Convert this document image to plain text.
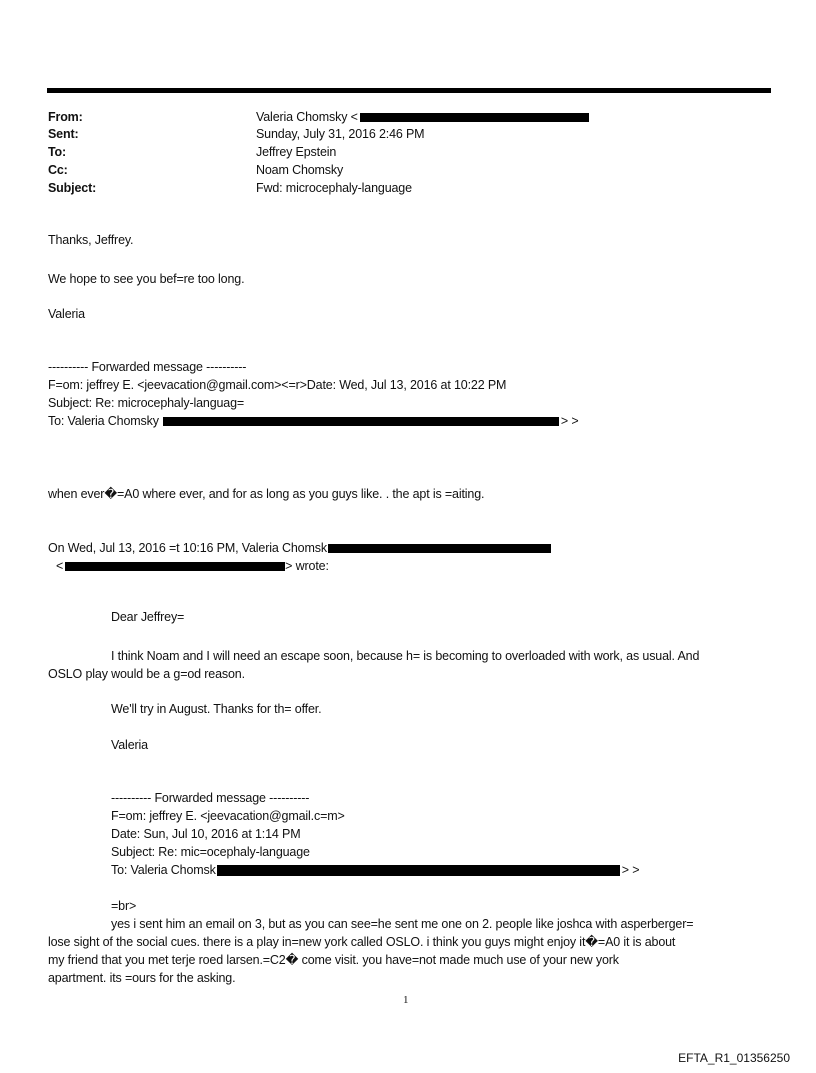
From:	Valeria Chomsky <
Sent:	Sunday, July 31, 2016 2:46 PM
To:	Jeffrey Epstein
Cc:	Noam Chomsky
Subject:	Fwd: microcephaly-language
Thanks, Jeffrey.
We hope to see you bef=re too long.
Valeria
---------- Forwarded message ----------
F=om: jeffrey E. <jeevacation@gmail.com><=r>Date: Wed, Jul 13, 2016 at 10:22 PM
Subject: Re: microcephaly-languag=
To: Valeria Chomsky	> >
when ever�=A0 where ever, and for as long as you guys like. . the apt is =aiting.
On Wed, Jul 13, 2016 =t 10:16 PM, Valeria Chomsk
<	> wrote:
Dear Jeffrey=
I think Noam and I will need an escape soon, because h= is becoming to overloaded with work, as usual. And
OSLO play would be a g=od reason.
We'll try in August. Thanks for th= offer.
Valeria
---------- Forwarded message ----------
F=om: jeffrey E. <jeevacation@gmail.c=m>
Date: Sun, Jul 10, 2016 at 1:14 PM
Subject: Re: mic=ocephaly-language
To: Valeria Chomsk	> >
=br>
yes i sent him an email on 3, but as you can see=he sent me one on 2. people like joshca with asperberger=
lose sight of the social cues. there is a play in=new york called OSLO. i think you guys might enjoy it�=A0 it is about
my friend that you met terje roed larsen.=C2� come visit. you have=not made much use of your new york
apartment. its =ours for the asking.
1
EFTA_R1_01356250
